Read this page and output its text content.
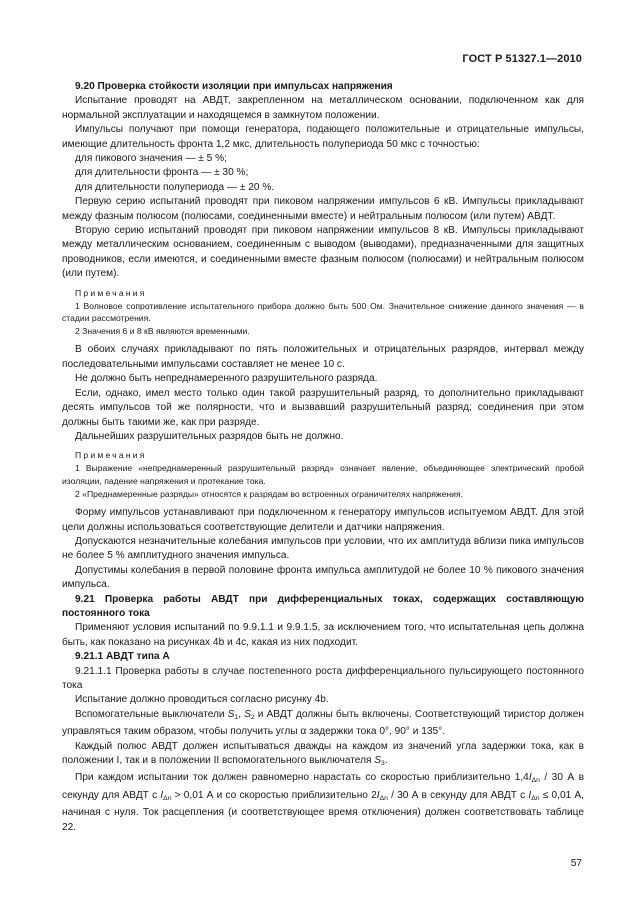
ГОСТ Р 51327.1—2010

9.20 Проверка стойкости изоляции при импульсах напряжения

Испытание проводят на АВДТ, закрепленном на металлическом основании, подключенном как для нормальной эксплуатации и находящемся в замкнутом положении.

Импульсы получают при помощи генератора, подающего положительные и отрицательные импульсы, имеющие длительность фронта 1,2 мкс, длительность полупериода 50 мкс с точностью:

для пикового значения — ± 5 %;

для длительности фронта — ± 30 %;

для длительности полупериода — ± 20 %.

Первую серию испытаний проводят при пиковом напряжении импульсов 6 кВ. Импульсы прикладывают между фазным полюсом (полюсами, соединенными вместе) и нейтральным полюсом (или путем) АВДТ.

Вторую серию испытаний проводят при пиковом напряжении импульсов 8 кВ. Импульсы прикладывают между металлическим основанием, соединенным с выводом (выводами), предназначенными для защитных проводников, если имеются, и соединенными вместе фазным полюсом (полюсами) и нейтральным полюсом (или путем).

Примечания

1 Волновое сопротивление испытательного прибора должно быть 500 Ом. Значительное снижение данного значения — в стадии рассмотрения.

2 Значения 6 и 8 кВ являются временными.

В обоих случаях прикладывают по пять положительных и отрицательных разрядов, интервал между последовательными импульсами составляет не менее 10 с.

Не должно быть непреднамеренного разрушительного разряда.

Если, однако, имел место только один такой разрушительный разряд, то дополнительно прикладывают десять импульсов той же полярности, что и вызвавший разрушительный разряд; соединения при этом должны быть такими же, как при разряде.

Дальнейших разрушительных разрядов быть не должно.

Примечания

1 Выражение «непреднамеренный разрушительный разряд» означает явление, объединяющее электрический пробой изоляции, падение напряжения и протекание тока.

2 «Преднамеренные разряды» относятся к разрядам во встроенных ограничителях напряжения.

Форму импульсов устанавливают при подключенном к генератору импульсов испытуемом АВДТ. Для этой цели должны использоваться соответствующие делители и датчики напряжения.

Допускаются незначительные колебания импульсов при условии, что их амплитуда вблизи пика импульсов не более 5 % амплитудного значения импульса.

Допустимы колебания в первой половине фронта импульса амплитудой не более 10 % пикового значения импульса.

9.21 Проверка работы АВДТ при дифференциальных токах, содержащих составляющую постоянного тока

Применяют условия испытаний по 9.9.1.1 и 9.9.1.5, за исключением того, что испытательная цепь должна быть, как показано на рисунках 4b и 4c, какая из них подходит.

9.21.1 АВДТ типа А

9.21.1.1 Проверка работы в случае постепенного роста дифференциального пульсирующего постоянного тока

Испытание должно проводиться согласно рисунку 4b.

Вспомогательные выключатели $S_1$, $S_2$ и АВДТ должны быть включены. Соответствующий тиристор должен управляться таким образом, чтобы получить углы α задержки тока 0°, 90° и 135°.

Каждый полюс АВДТ должен испытываться дважды на каждом из значений угла задержки тока, как в положении I, так и в положении II вспомогательного выключателя $S_3$.

При каждом испытании ток должен равномерно нарастать со скоростью приблизительно $1,4I_{\Delta n} / 30$ А в секунду для АВДТ с $I_{\Delta n} > 0,01$ А и со скоростью приблизительно $2I_{\Delta n} / 30$ А в секунду для АВДТ с $I_{\Delta n} \le 0,01$ А, начиная с нуля. Ток расцепления (и соответствующее время отключения) должен соответствовать таблице 22.

57
